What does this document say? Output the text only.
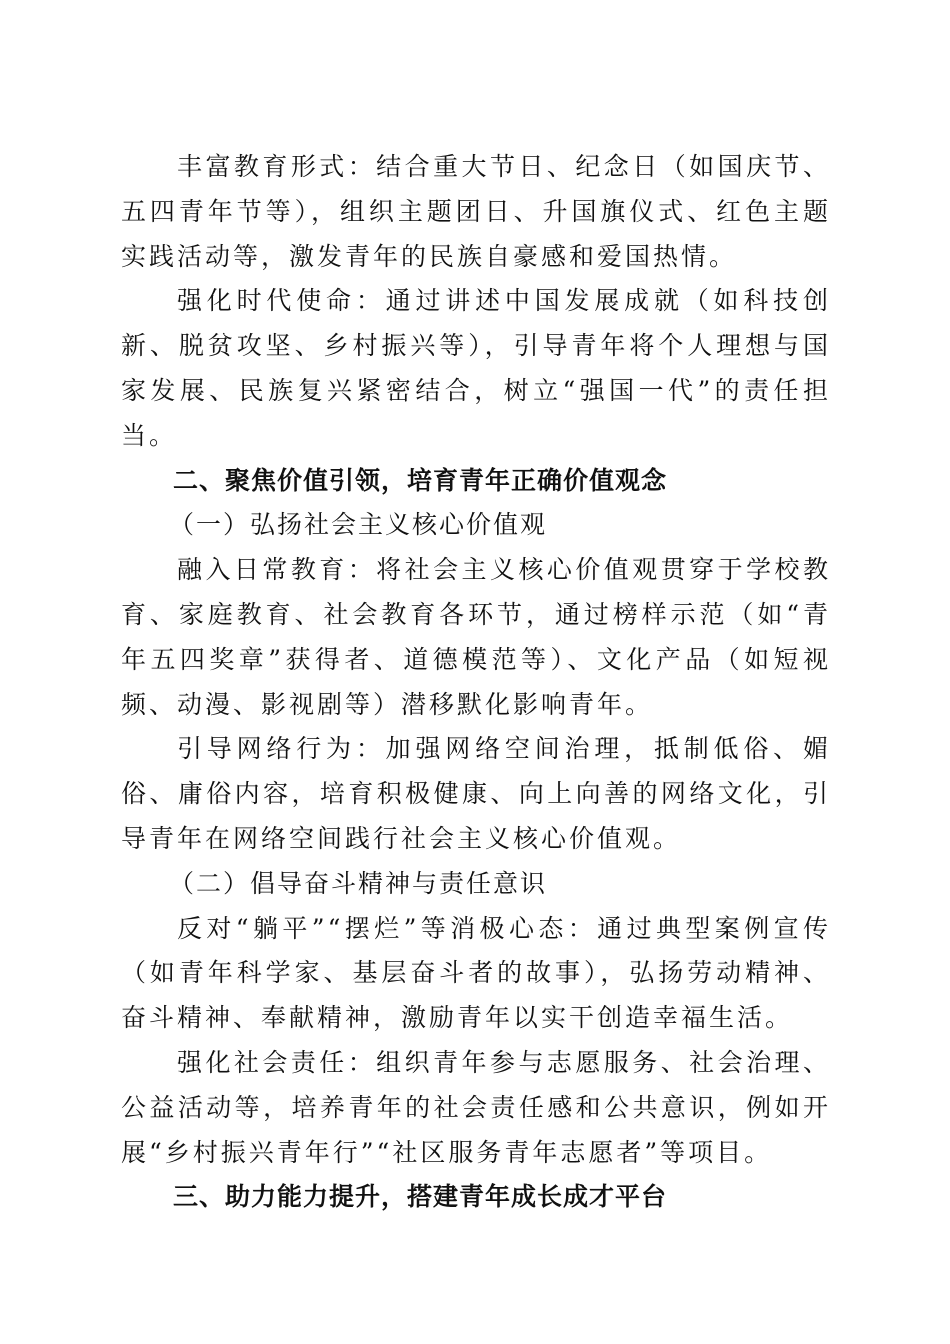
丰富教育形式：结合重大节日、纪念日（如国庆节、五四青年节等），组织主题团日、升国旗仪式、红色主题实践活动等，激发青年的民族自豪感和爱国热情。

强化时代使命：通过讲述中国发展成就（如科技创新、脱贫攻坚、乡村振兴等），引导青年将个人理想与国家发展、民族复兴紧密结合，树立“强国一代”的责任担当。

二、聚焦价值引领，培育青年正确价值观念

（一）弘扬社会主义核心价值观

融入日常教育：将社会主义核心价值观贯穿于学校教育、家庭教育、社会教育各环节，通过榜样示范（如“青年五四奖章”获得者、道德模范等）、文化产品（如短视频、动漫、影视剧等）潜移默化影响青年。

引导网络行为：加强网络空间治理，抵制低俗、媚俗、庸俗内容，培育积极健康、向上向善的网络文化，引导青年在网络空间践行社会主义核心价值观。

（二）倡导奋斗精神与责任意识

反对“躺平”“摆烂”等消极心态：通过典型案例宣传（如青年科学家、基层奋斗者的故事），弘扬劳动精神、奋斗精神、奉献精神，激励青年以实干创造幸福生活。

强化社会责任：组织青年参与志愿服务、社会治理、公益活动等，培养青年的社会责任感和公共意识，例如开展“乡村振兴青年行”“社区服务青年志愿者”等项目。

三、助力能力提升，搭建青年成长成才平台
